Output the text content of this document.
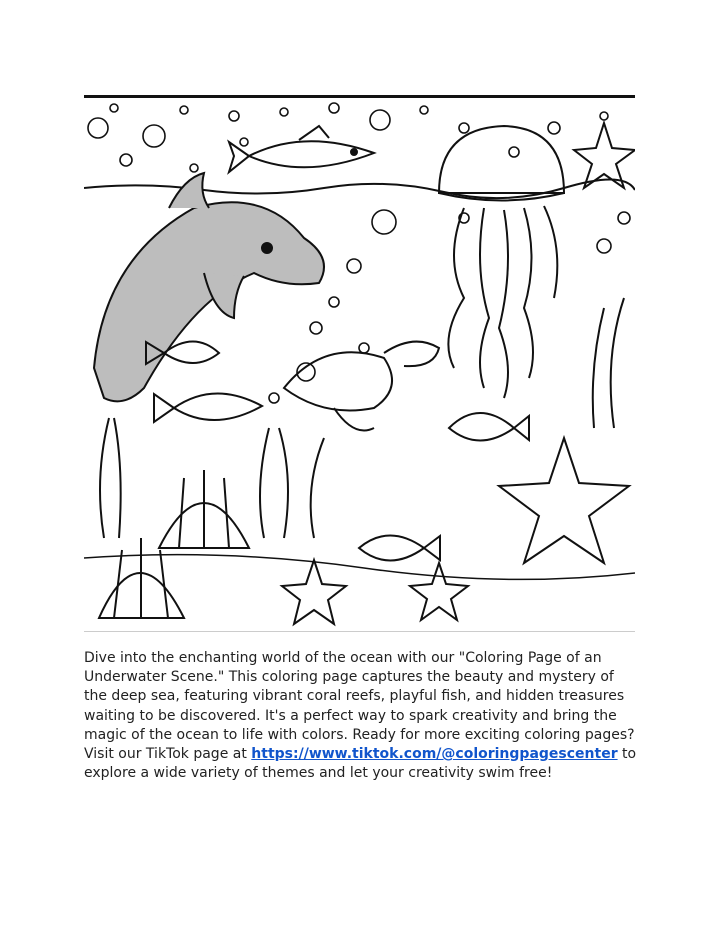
Dive into the enchanting world of the ocean with our "Coloring Page of an Underwater Scene." This coloring page captures the beauty and mystery of the deep sea, featuring vibrant coral reefs, playful fish, and hidden treasures waiting to be discovered. It's a perfect way to spark creativity and bring the magic of the ocean to life with colors. Ready for more exciting coloring pages? Visit our TikTok page at https://www.tiktok.com/@coloringpagescenter to explore a wide variety of themes and let your creativity swim free!
